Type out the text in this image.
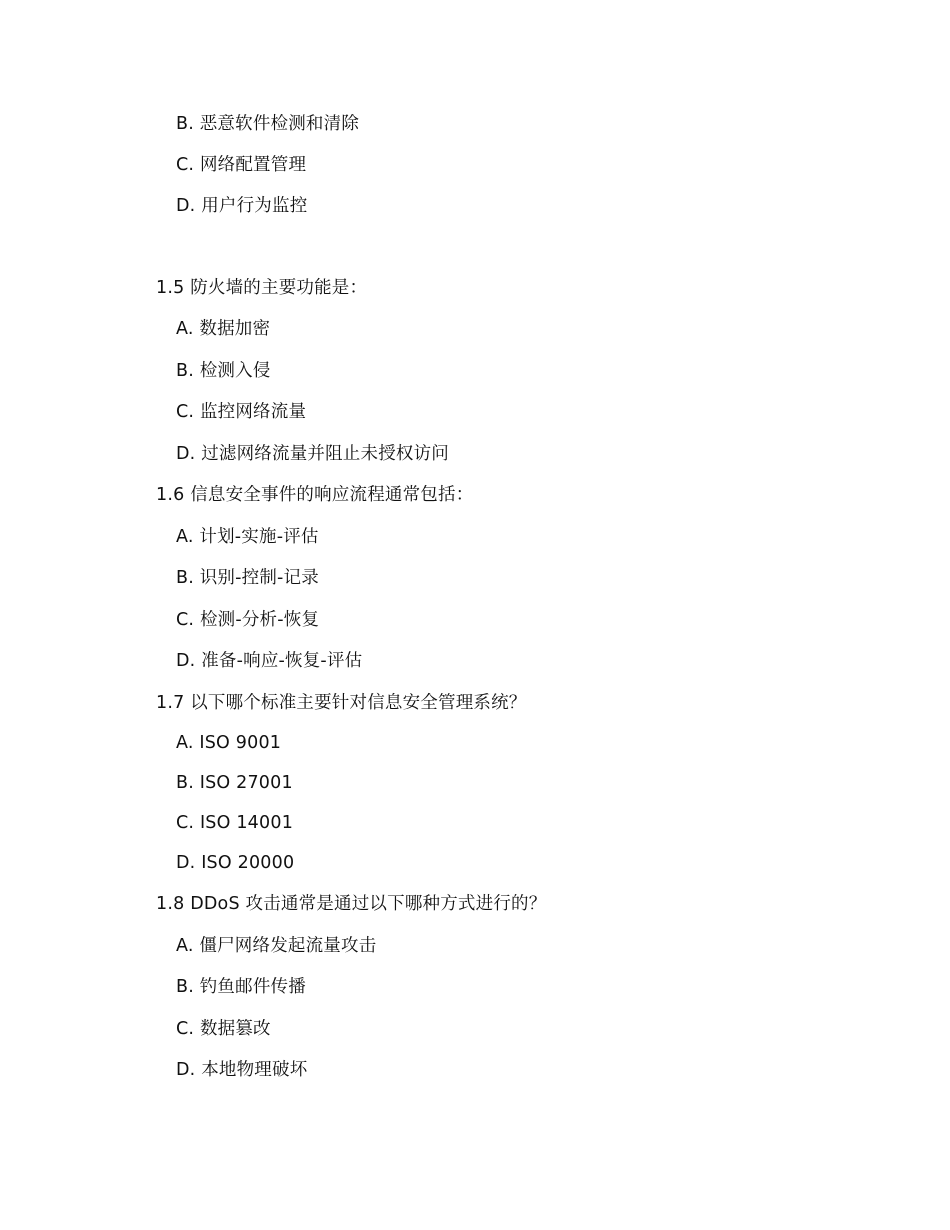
B. 恶意软件检测和清除
C. 网络配置管理
D. 用户行为监控
1.5 防火墙的主要功能是：
A. 数据加密
B. 检测入侵
C. 监控网络流量
D. 过滤网络流量并阻止未授权访问
1.6 信息安全事件的响应流程通常包括：
A. 计划-实施-评估
B. 识别-控制-记录
C. 检测-分析-恢复
D. 准备-响应-恢复-评估
1.7 以下哪个标准主要针对信息安全管理系统？
A. ISO 9001
B. ISO 27001
C. ISO 14001
D. ISO 20000
1.8 DDoS 攻击通常是通过以下哪种方式进行的？
A. 僵尸网络发起流量攻击
B. 钓鱼邮件传播
C. 数据篡改
D. 本地物理破坏
